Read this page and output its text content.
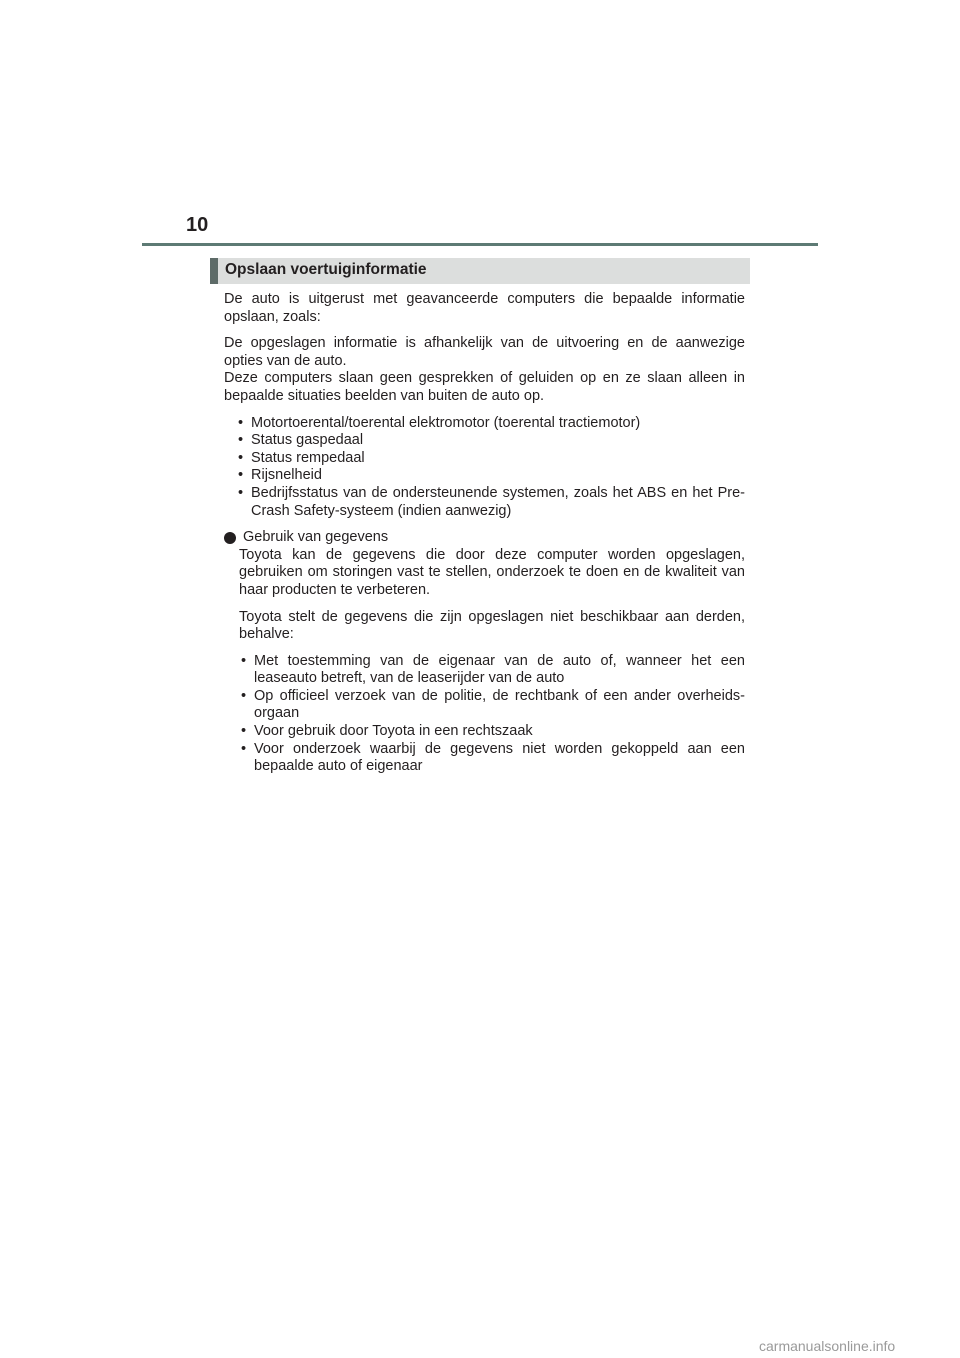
10
Opslaan voertuiginformatie

De auto is uitgerust met geavanceerde computers die bepaalde informatie opslaan, zoals:

De opgeslagen informatie is afhankelijk van de uitvoering en de aanwezige opties van de auto.

Deze computers slaan geen gesprekken of geluiden op en ze slaan alleen in bepaalde situaties beelden van buiten de auto op.

• Motortoerental/toerental elektromotor (toerental tractiemotor)
• Status gaspedaal
• Status rempedaal
• Rijsnelheid
• Bedrijfsstatus van de ondersteunende systemen, zoals het ABS en het Pre-Crash Safety-systeem (indien aanwezig)
Gebruik van gegevens

Toyota kan de gegevens die door deze computer worden opgeslagen, gebruiken om storingen vast te stellen, onderzoek te doen en de kwaliteit van haar producten te verbeteren.

Toyota stelt de gegevens die zijn opgeslagen niet beschikbaar aan derden, behalve:

• Met toestemming van de eigenaar van de auto of, wanneer het een leaseauto betreft, van de leaserijder van de auto
• Op officieel verzoek van de politie, de rechtbank of een ander overheids-orgaan
• Voor gebruik door Toyota in een rechtszaak
• Voor onderzoek waarbij de gegevens niet worden gekoppeld aan een bepaalde auto of eigenaar
carmanualsonline.info
